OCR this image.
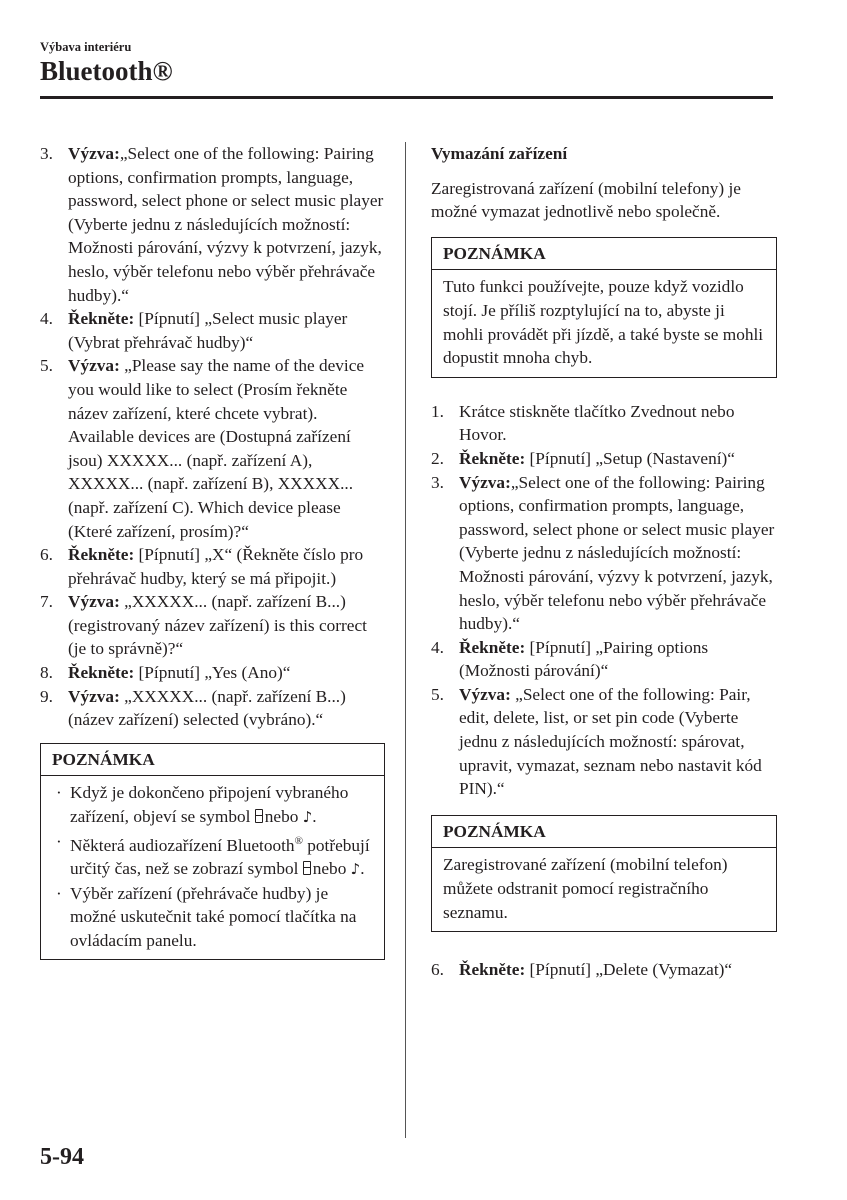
Výbava interiéru
Bluetooth®
3. Výzva:„Select one of the following: Pairing options, confirmation prompts, language, password, select phone or select music player (Vyberte jednu z následujících možností: Možnosti párování, výzvy k potvrzení, jazyk, heslo, výběr telefonu nebo výběr přehrávače hudby).“
4. Řekněte: [Pípnutí] „Select music player (Vybrat přehrávač hudby)“
5. Výzva: „Please say the name of the device you would like to select (Prosím řekněte název zařízení, které chcete vybrat). Available devices are (Dostupná zařízení jsou) XXXXX... (např. zařízení A), XXXXX... (např. zařízení B), XXXXX... (např. zařízení C). Which device please (Které zařízení, prosím)?“
6. Řekněte: [Pípnutí] „X“ (Řekněte číslo pro přehrávač hudby, který se má připojit.)
7. Výzva: „XXXXX... (např. zařízení B...) (registrovaný název zařízení) is this correct (je to správně)?“
8. Řekněte: [Pípnutí] „Yes (Ano)“
9. Výzva: „XXXXX... (např. zařízení B...) (název zařízení) selected (vybráno).“
POZNÁMKA
· Když je dokončeno připojení vybraného zařízení, objeví se symbol nebo ♪.
· Některá audiozařízení Bluetooth® potřebují určitý čas, než se zobrazí symbol nebo ♪.
· Výběr zařízení (přehrávače hudby) je možné uskutečnit také pomocí tlačítka na ovládacím panelu.

Vymazání zařízení

Zaregistrovaná zařízení (mobilní telefony) je možné vymazat jednotlivě nebo společně.

POZNÁMKA
Tuto funkci používejte, pouze když vozidlo stojí. Je příliš rozptylující na to, abyste ji mohli provádět při jízdě, a také byste se mohli dopustit mnoha chyb.
1. Krátce stiskněte tlačítko Zvednout nebo Hovor.
2. Řekněte: [Pípnutí] „Setup (Nastavení)“
3. Výzva:„Select one of the following: Pairing options, confirmation prompts, language, password, select phone or select music player (Vyberte jednu z následujících možností: Možnosti párování, výzvy k potvrzení, jazyk, heslo, výběr telefonu nebo výběr přehrávače hudby).“
4. Řekněte: [Pípnutí] „Pairing options (Možnosti párování)“
5. Výzva: „Select one of the following: Pair, edit, delete, list, or set pin code (Vyberte jednu z následujících možností: spárovat, upravit, vymazat, seznam nebo nastavit kód PIN).“
POZNÁMKA
Zaregistrované zařízení (mobilní telefon) můžete odstranit pomocí registračního seznamu.
6. Řekněte: [Pípnutí] „Delete (Vymazat)“
5-94
